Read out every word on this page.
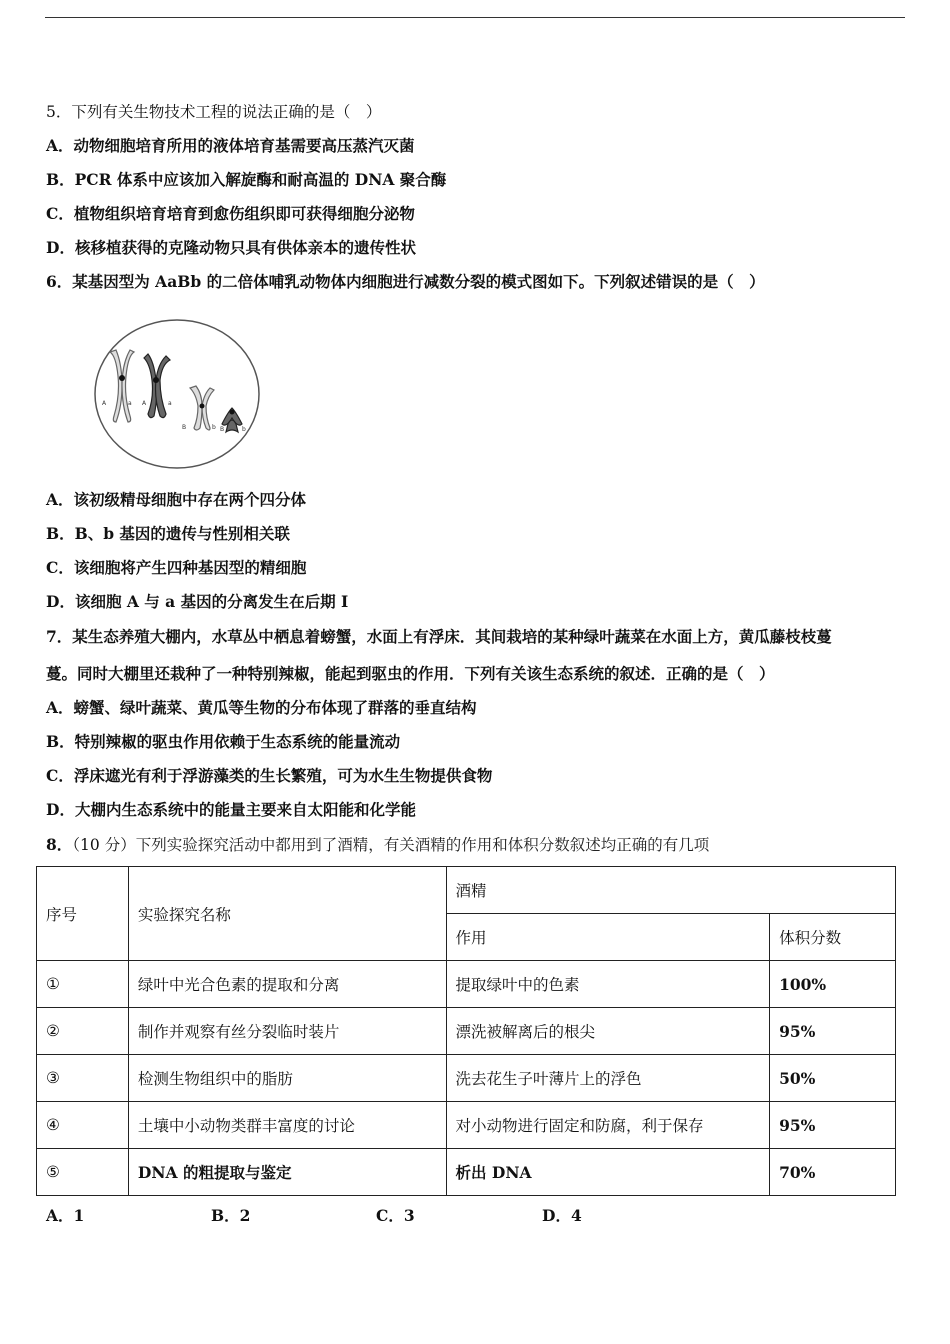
5．下列有关生物技术工程的说法正确的是（　）
A．动物细胞培育所用的液体培育基需要高压蒸汽灭菌
B．PCR 体系中应该加入解旋酶和耐高温的 DNA 聚合酶
C．植物组织培育培育到愈伤组织即可获得细胞分泌物
D．核移植获得的克隆动物只具有供体亲本的遗传性状
6．某基因型为 AaBb 的二倍体哺乳动物体内细胞进行减数分裂的模式图如下。下列叙述错误的是（　）
A	a A	a
B	b B	b
A．该初级精母细胞中存在两个四分体
B．B、b 基因的遗传与性别相关联
C．该细胞将产生四种基因型的精细胞
D．该细胞 A 与 a 基因的分离发生在后期 Ⅰ
7．某生态养殖大棚内，水草丛中栖息着螃蟹，水面上有浮床．其间栽培的某种绿叶蔬菜在水面上方，黄瓜藤枝枝蔓
蔓。同时大棚里还栽种了一种特别辣椒，能起到驱虫的作用．下列有关该生态系统的叙述．正确的是（　）
A．螃蟹、绿叶蔬菜、黄瓜等生物的分布体现了群落的垂直结构
B．特别辣椒的驱虫作用依赖于生态系统的能量流动
C．浮床遮光有利于浮游藻类的生长繁殖，可为水生生物提供食物
D．大棚内生态系统中的能量主要来自太阳能和化学能
8．（10 分）下列实验探究活动中都用到了酒精，有关酒精的作用和体积分数叙述均正确的有几项
序号	实验探究名称	酒精	
		作用	体积分数
①	绿叶中光合色素的提取和分离	提取绿叶中的色素	100%
②	制作并观察有丝分裂临时装片	漂洗被解离后的根尖	95%
③	检测生物组织中的脂肪	洗去花生子叶薄片上的浮色	50%
④	土壤中小动物类群丰富度的讨论	对小动物进行固定和防腐，利于保存	95%
⑤	DNA 的粗提取与鉴定	析出 DNA	70%
A．1	B．2	C．3	D．4
